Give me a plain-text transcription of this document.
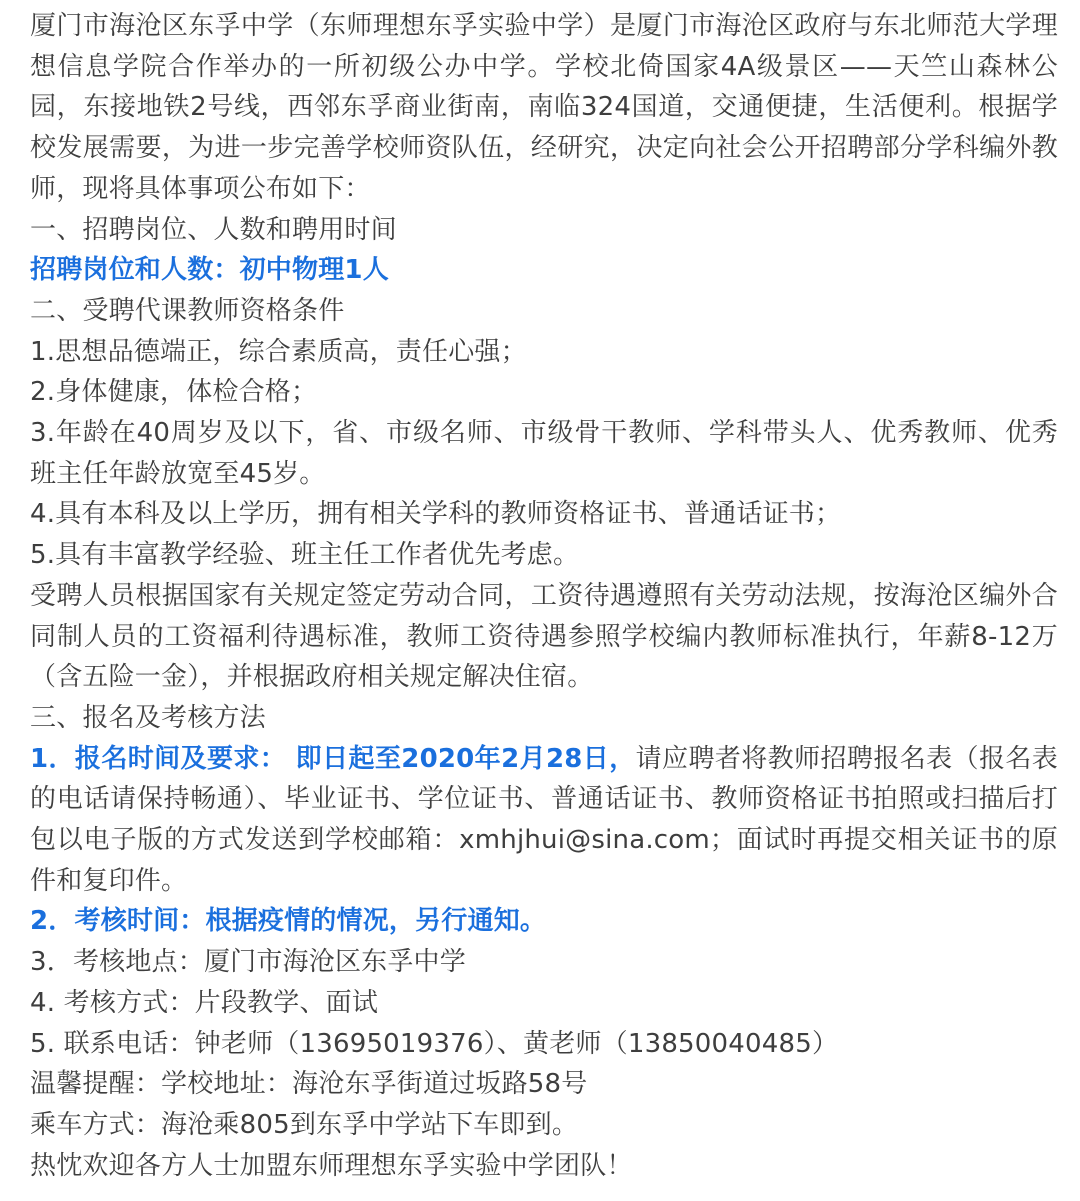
厦门市海沧区东孚中学（东师理想东孚实验中学）是厦门市海沧区政府与东北师范大学理想信息学院合作举办的一所初级公办中学。学校北倚国家4A级景区——天竺山森林公园，东接地铁2号线，西邻东孚商业街南，南临324国道，交通便捷，生活便利。根据学校发展需要，为进一步完善学校师资队伍，经研究，决定向社会公开招聘部分学科编外教师，现将具体事项公布如下：

一、招聘岗位、人数和聘用时间

招聘岗位和人数：初中物理1人

二、受聘代课教师资格条件

1.思想品德端正，综合素质高，责任心强；

2.身体健康，体检合格；

3.年龄在40周岁及以下，省、市级名师、市级骨干教师、学科带头人、优秀教师、优秀班主任年龄放宽至45岁。

4.具有本科及以上学历，拥有相关学科的教师资格证书、普通话证书；

5.具有丰富教学经验、班主任工作者优先考虑。

受聘人员根据国家有关规定签定劳动合同，工资待遇遵照有关劳动法规，按海沧区编外合同制人员的工资福利待遇标准，教师工资待遇参照学校编内教师标准执行，年薪8-12万（含五险一金），并根据政府相关规定解决住宿。

三、报名及考核方法

1．报名时间及要求： 即日起至2020年2月28日，请应聘者将教师招聘报名表（报名表的电话请保持畅通）、毕业证书、学位证书、普通话证书、教师资格证书拍照或扫描后打包以电子版的方式发送到学校邮箱：xmhjhui@sina.com；面试时再提交相关证书的原件和复印件。

2．考核时间：根据疫情的情况，另行通知。

3．考核地点：厦门市海沧区东孚中学

4. 考核方式：片段教学、面试

5. 联系电话：钟老师（13695019376）、黄老师（13850040485）

温馨提醒：学校地址：海沧东孚街道过坂路58号

乘车方式：海沧乘805到东孚中学站下车即到。

热忱欢迎各方人士加盟东师理想东孚实验中学团队！
